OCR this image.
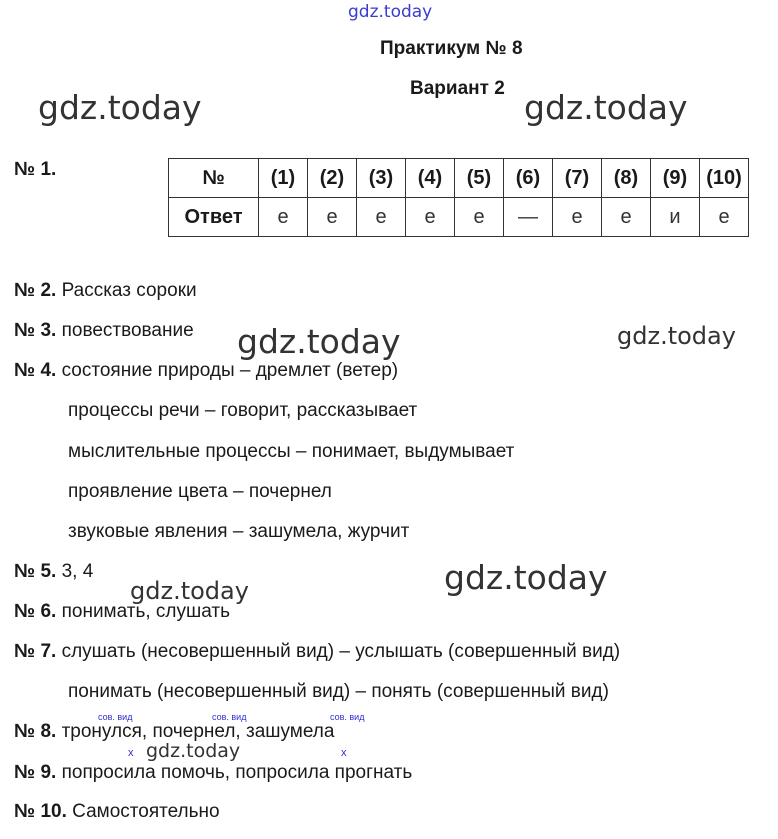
gdz.today
gdz.today	gdz.today
gdz.today	gdz.today
gdz.today
gdz.today
gdz.today
Практикум № 8
Вариант 2
№ 1.	№	(1)	(2)	(3)	(4)	(5)	(6)	(7)	(8)	(9)	(10)
Ответ	е	е	е	е	е	—	е	е	и	е
№ 2. Рассказ сороки
№ 3. повествование
№ 4. состояние природы – дремлет (ветер)
процессы речи – говорит, рассказывает
мыслительные процессы – понимает, выдумывает
проявление цвета – почернел
звуковые явления – зашумела, журчит
№ 5. 3, 4
№ 6. понимать, слушать
№ 7. слушать (несовершенный вид) – услышать (совершенный вид)
понимать (несовершенный вид) – понять (совершенный вид)
сов. вид	сов. вид	сов. вид
№ 8. тронулся, почернел, зашумела
х	х
№ 9. попросила помочь, попросила прогнать
№ 10. Самостоятельно
